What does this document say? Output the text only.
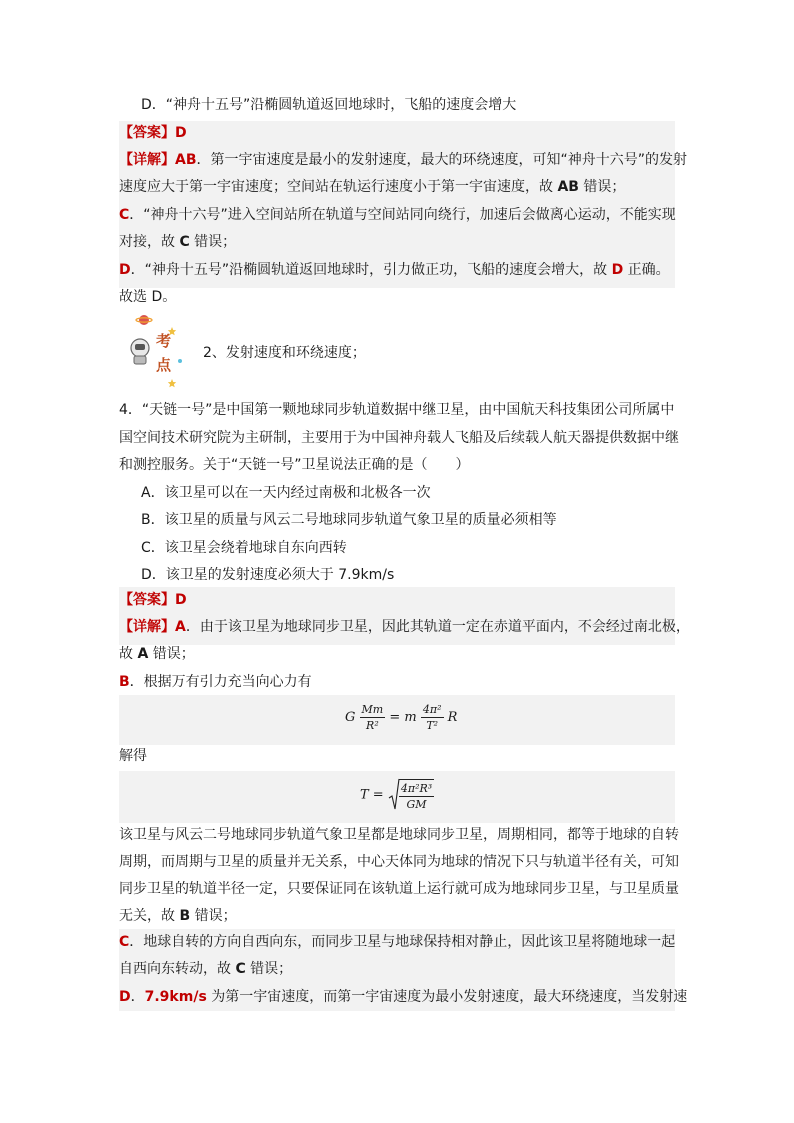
D．“神舟十五号”沿椭圆轨道返回地球时，飞船的速度会增大
【答案】D
【详解】AB．第一宇宙速度是最小的发射速度，最大的环绕速度，可知“神舟十六号”的发射
速度应大于第一宇宙速度；空间站在轨运行速度小于第一宇宙速度，故 AB 错误；
C．“神舟十六号”进入空间站所在轨道与空间站同向绕行，加速后会做离心运动，不能实现
对接，故 C 错误；
D．“神舟十五号”沿椭圆轨道返回地球时，引力做正功，飞船的速度会增大，故 D 正确。
故选 D。
考
点
2、发射速度和环绕速度；
4．“天链一号”是中国第一颗地球同步轨道数据中继卫星，由中国航天科技集团公司所属中
国空间技术研究院为主研制，主要用于为中国神舟载人飞船及后续载人航天器提供数据中继
和测控服务。关于“天链一号”卫星说法正确的是（　　）
A．该卫星可以在一天内经过南极和北极各一次
B．该卫星的质量与风云二号地球同步轨道气象卫星的质量必须相等
C．该卫星会绕着地球自东向西转
D．该卫星的发射速度必须大于 7.9km/s
【答案】D
【详解】A．由于该卫星为地球同步卫星，因此其轨道一定在赤道平面内，不会经过南北极，
故 A 错误；
B．根据万有引力充当向心力有
G $\frac{Mm}{\text{R²}} = m \frac{\text{4π²}}{\text{T²}}$ R
解得
$T = \frac{\text{4π²R³}}{GM}$
该卫星与风云二号地球同步轨道气象卫星都是地球同步卫星，周期相同，都等于地球的自转
周期，而周期与卫星的质量并无关系，中心天体同为地球的情况下只与轨道半径有关，可知
同步卫星的轨道半径一定，只要保证同在该轨道上运行就可成为地球同步卫星，与卫星质量
无关，故 B 错误；
C．地球自转的方向自西向东，而同步卫星与地球保持相对静止，因此该卫星将随地球一起
自西向东转动，故 C 错误；
D．7.9km/s 为第一宇宙速度，而第一宇宙速度为最小发射速度，最大环绕速度，当发射速
